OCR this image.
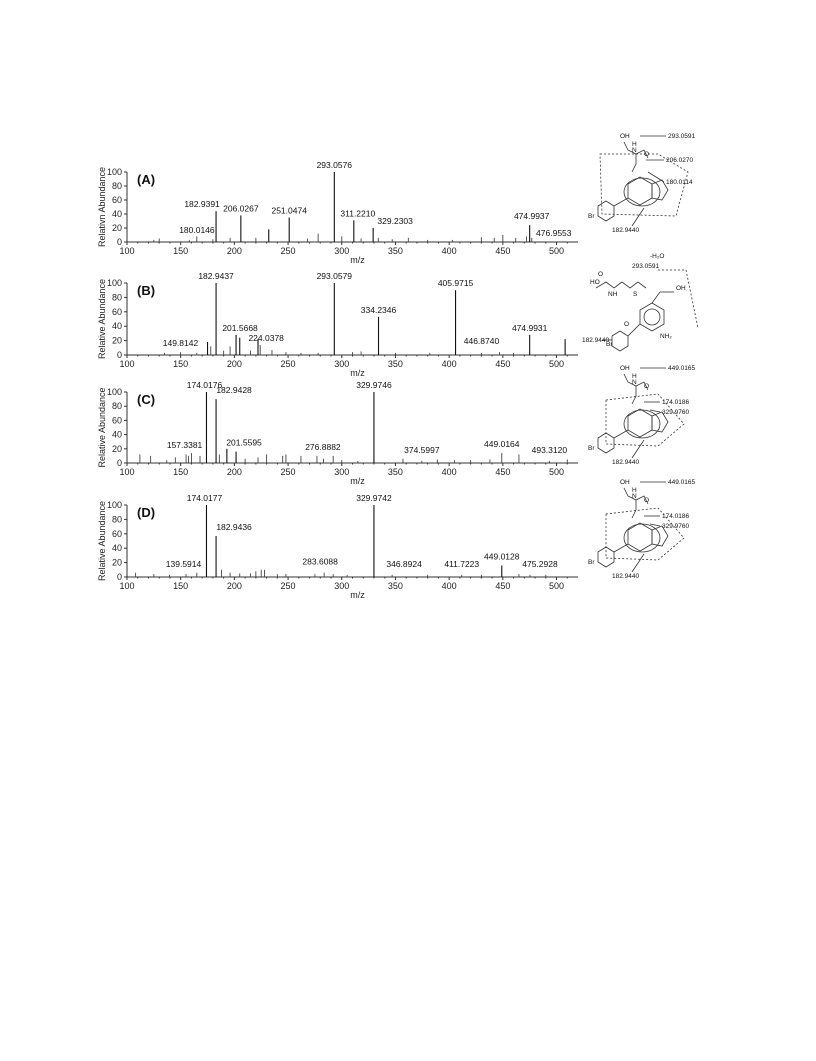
0
20
40
60
80
100
100	150	200	250	300	350	400	450	500
m/z
Relativn Abundance (A)
293.0576
182.9391 206.0267 251.0474	311.2210
329.2303
180.0146
474.9937
476.9553
293.0591
OH
H
N
O
Br
182.9440
206.0270
180.0114
0
20
40
60
80
100
100	150	200	250	300	350	400	450	500
m/z
Relative Abundance (B)
182.9437	293.0579
405.9715
334.2346
201.5668
224.0378
149.8142
474.9931
446.8740
-H₂O
293.0591
HO
O
OH
NH S
O
NH₂
Br
182.9440
0
20
40
60
80
100
100	150	200	250	300	350	400	450	500
m/z
Relative Abundance (C)
174.0176	329.9746
182.9428
157.3381	201.5595	276.8882	374.5997
449.0164
493.3120
449.0165
OH
H
N
O
Br
182.9440
174.0186
329.9760
0
20
40
60
80
100
100	150	200	250	300	350	400	450	500
m/z
Relative Abundance (D)
174.0177	329.9742
182.9436
139.5914	283.6088	346.8924	411.7223
449.0128
475.2928
449.0165
OH
H
N
O
Br
182.9440
174.0186
329.9760
